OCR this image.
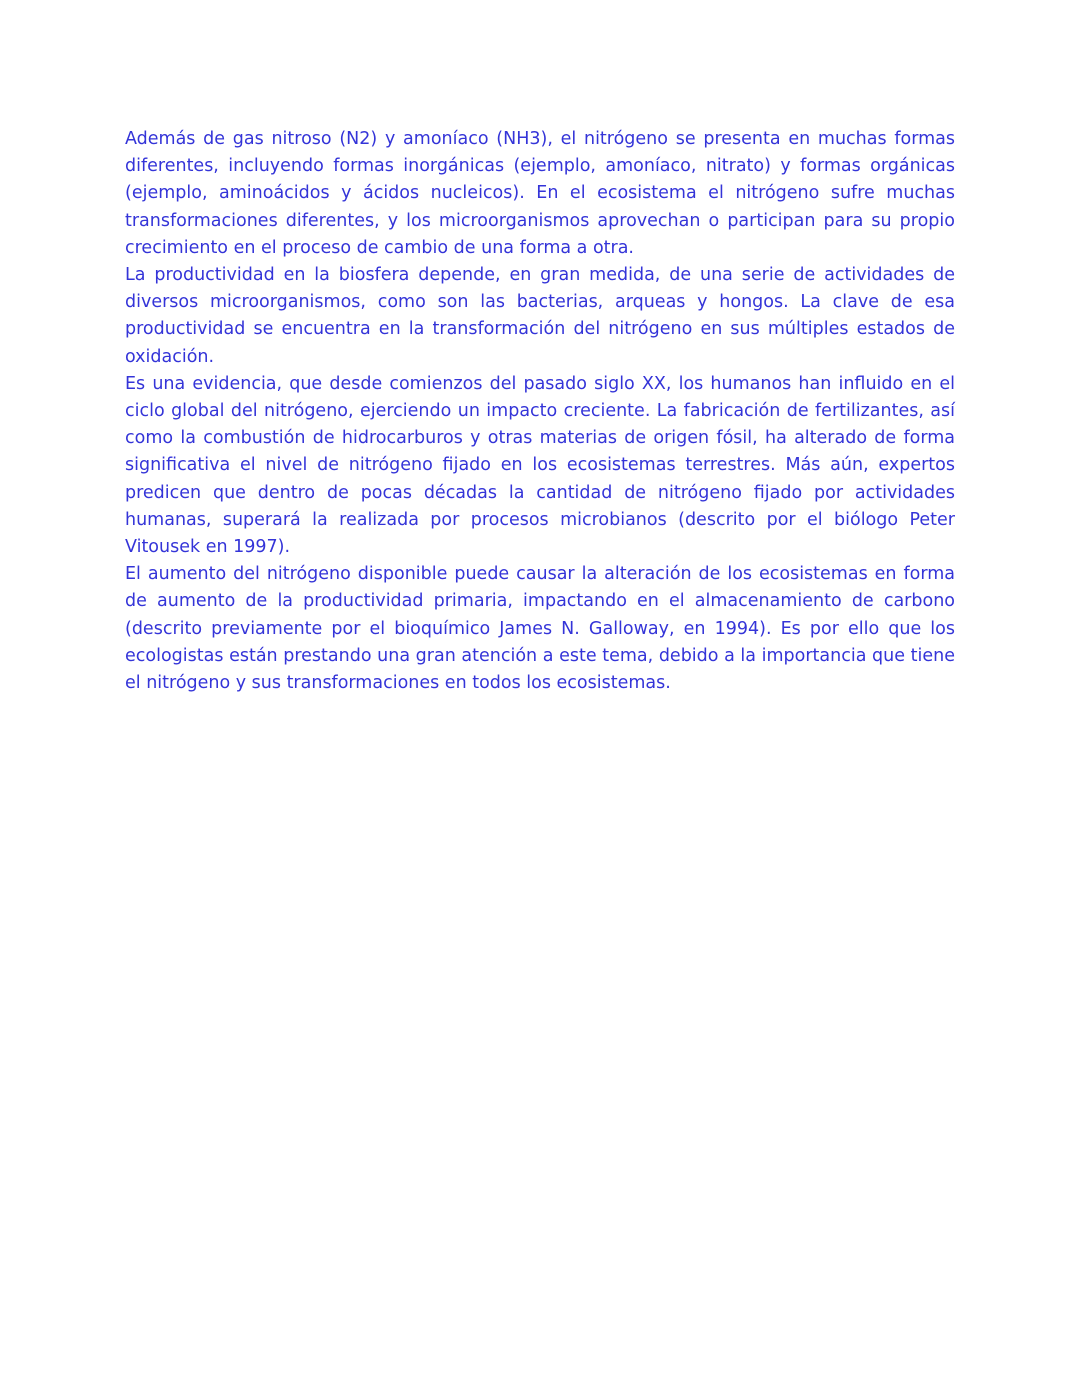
Además de gas nitroso (N2) y amoníaco (NH3), el nitrógeno se presenta en muchas formas diferentes, incluyendo formas inorgánicas (ejemplo, amoníaco, nitrato) y formas orgánicas (ejemplo, aminoácidos y ácidos nucleicos). En el ecosistema el nitrógeno sufre muchas transformaciones diferentes, y los microorganismos aprovechan o participan para su propio crecimiento en el proceso de cambio de una forma a otra.

La productividad en la biosfera depende, en gran medida, de una serie de actividades de diversos microorganismos, como son las bacterias, arqueas y hongos. La clave de esa productividad se encuentra en la transformación del nitrógeno en sus múltiples estados de oxidación.

Es una evidencia, que desde comienzos del pasado siglo XX, los humanos han influido en el ciclo global del nitrógeno, ejerciendo un impacto creciente. La fabricación de fertilizantes, así como la combustión de hidrocarburos y otras materias de origen fósil, ha alterado de forma significativa el nivel de nitrógeno fijado en los ecosistemas terrestres. Más aún, expertos predicen que dentro de pocas décadas la cantidad de nitrógeno fijado por actividades humanas, superará la realizada por procesos microbianos (descrito por el biólogo Peter Vitousek en 1997).

El aumento del nitrógeno disponible puede causar la alteración de los ecosistemas en forma de aumento de la productividad primaria, impactando en el almacenamiento de carbono (descrito previamente por el bioquímico James N. Galloway, en 1994). Es por ello que los ecologistas están prestando una gran atención a este tema, debido a la importancia que tiene el nitrógeno y sus transformaciones en todos los ecosistemas.
